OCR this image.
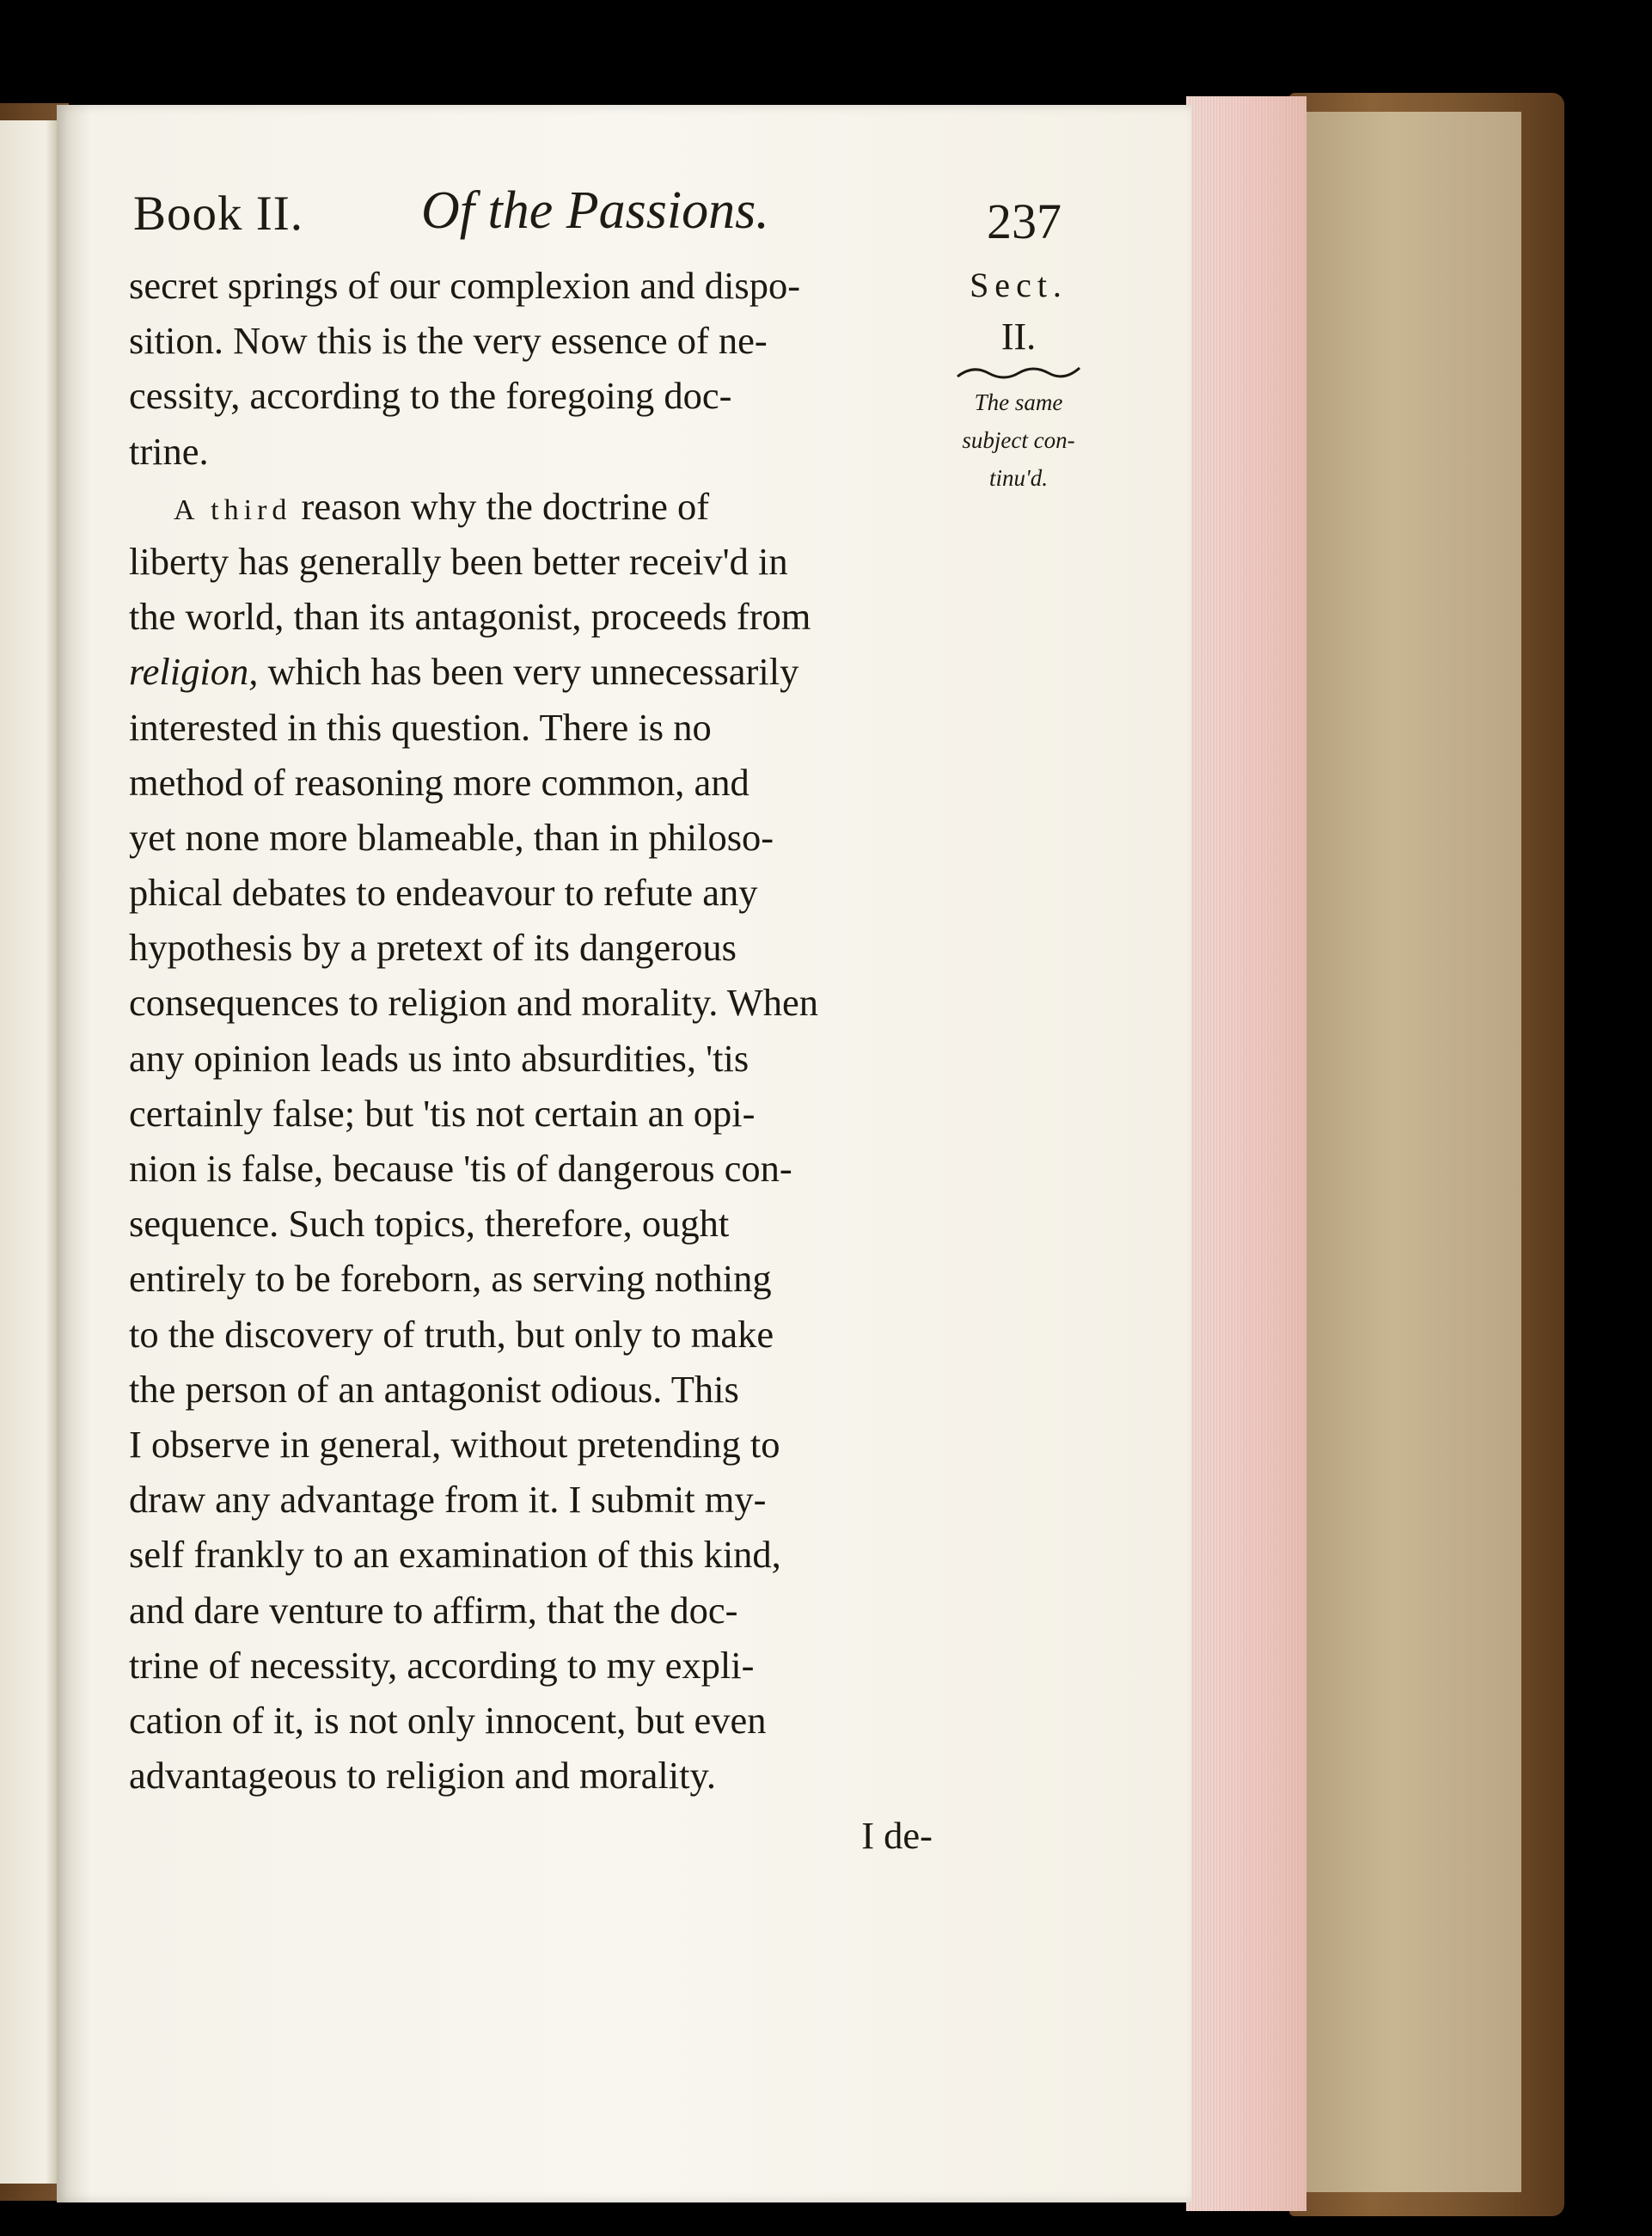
Book II. Of the Passions.	237
secret springs of our complexion and dispo-
sition. Now this is the very essence of ne-
cessity, according to the foregoing doc-
trine.
A third reason why the doctrine of
liberty has generally been better receiv'd in
the world, than its antagonist, proceeds from
religion, which has been very unnecessarily
interested in this question. There is no
method of reasoning more common, and
yet none more blameable, than in philoso-
phical debates to endeavour to refute any
hypothesis by a pretext of its dangerous
consequences to religion and morality. When
any opinion leads us into absurdities, 'tis
certainly false; but 'tis not certain an opi-
nion is false, because 'tis of dangerous con-
sequence. Such topics, therefore, ought
entirely to be foreborn, as serving nothing
to the discovery of truth, but only to make
the person of an antagonist odious. This
I observe in general, without pretending to
draw any advantage from it. I submit my-
self frankly to an examination of this kind,
and dare venture to affirm, that the doc-
trine of necessity, according to my expli-
cation of it, is not only innocent, but even
advantageous to religion and morality.
I de-
Sect.
II.
The same
subject con-
tinu'd.
